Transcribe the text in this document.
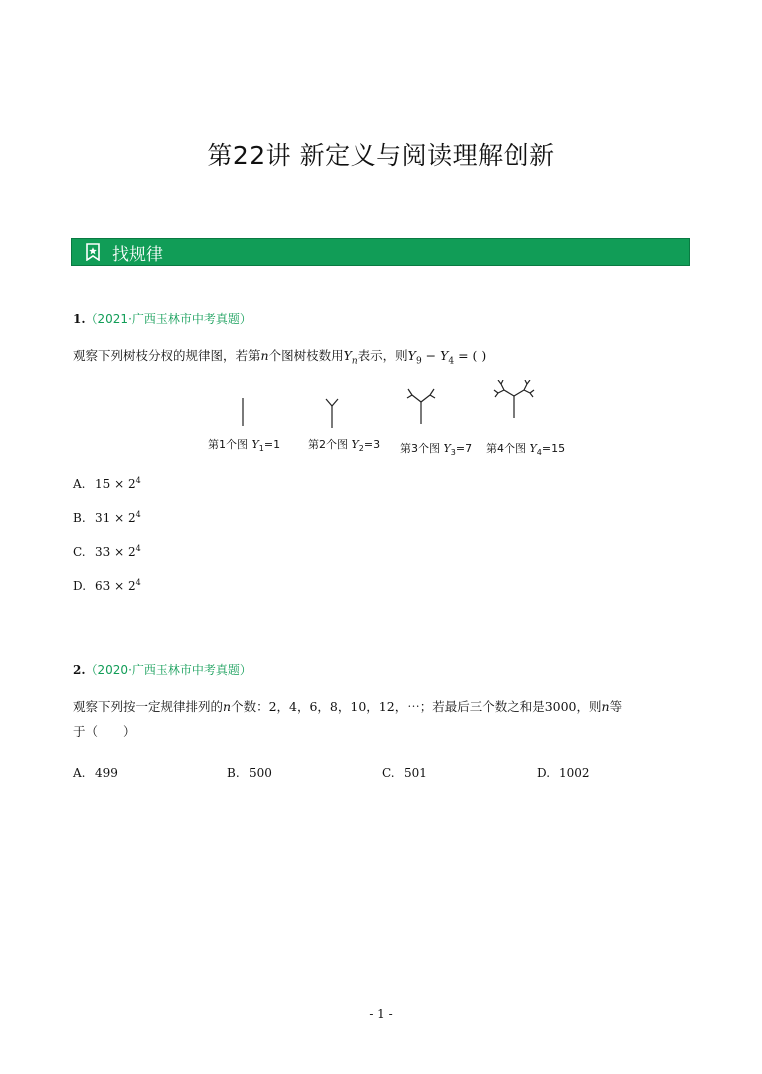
第22讲 新定义与阅读理解创新
找规律
1.（2021·广西玉林市中考真题）
观察下列树枝分杈的规律图，若第n个图树枝数用$Y_n$表示，则$Y_9 - Y_4$ = ( )
第1个图 $Y_1=1$	第2个图 $Y_2=3$ 第3个图 $Y_3=7$ 第4个图 $Y_4=15$
A. $15 \times 2^4$
B. $31 \times 2^4$
C. $33 \times 2^4$
D. $63 \times 2^4$
2.（2020·广西玉林市中考真题）
观察下列按一定规律排列的n个数：2，4，6，8，10，12，⋯；若最后三个数之和是3000，则n等
于（　　）
A. 499	B. 500	C. 501	D. 1002
- 1 -
